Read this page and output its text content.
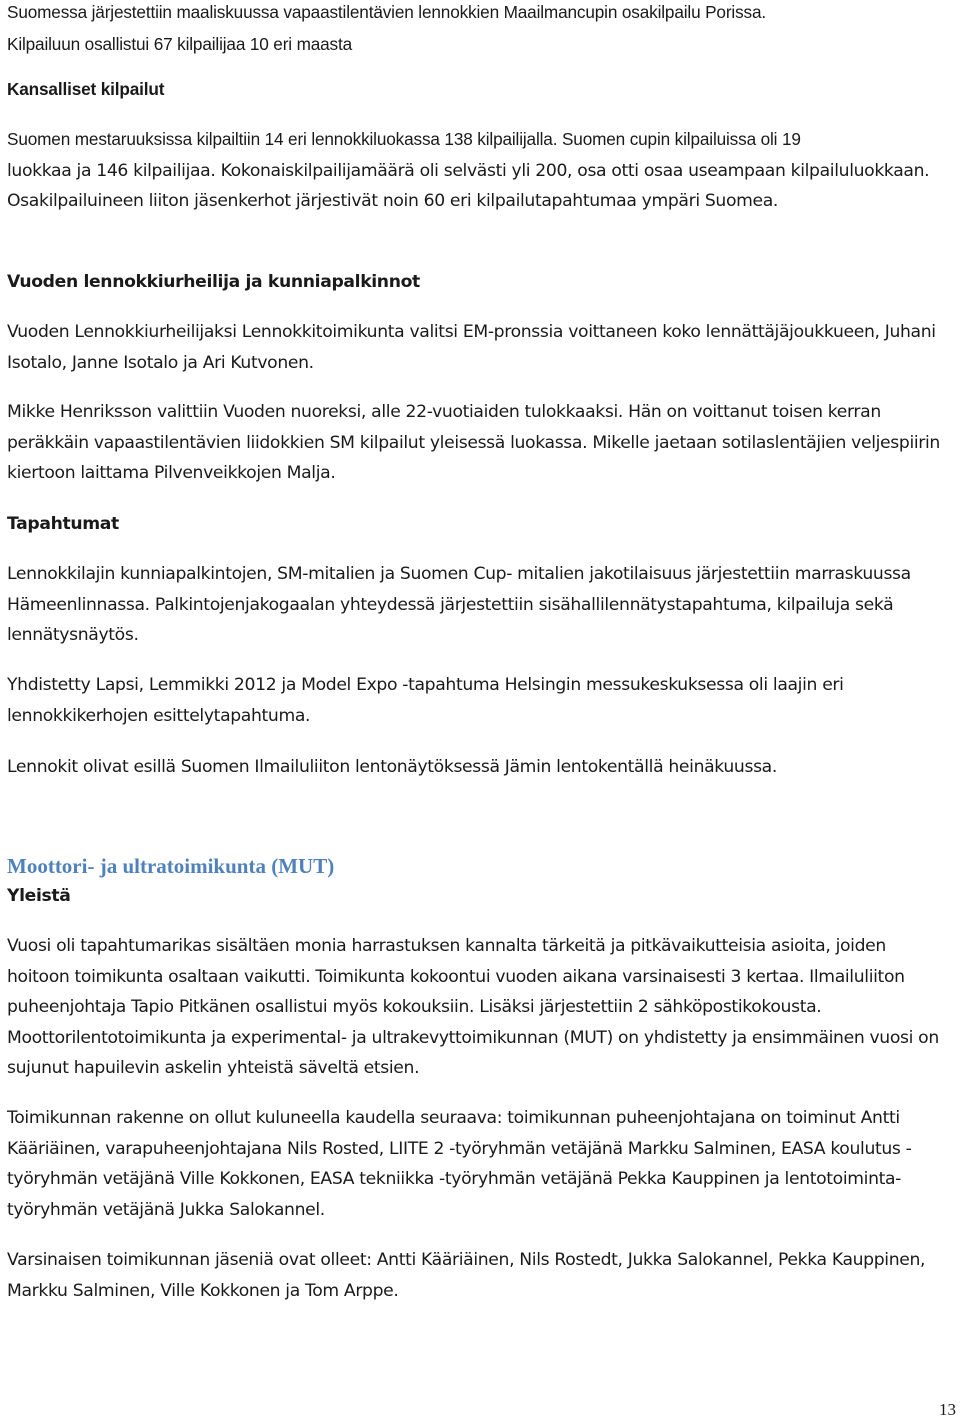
Suomessa järjestettiin maaliskuussa vapaastilentävien lennokkien Maailmancupin osakilpailu Porissa.
Kilpailuun osallistui 67 kilpailijaa 10 eri maasta

Kansalliset kilpailut

Suomen mestaruuksissa kilpailtiin 14 eri lennokkiluokassa 138 kilpailijalla. Suomen cupin kilpailuissa oli 19
luokkaa ja 146 kilpailijaa. Kokonaiskilpailijamäärä oli selvästi yli 200, osa otti osaa useampaan kilpailuluokkaan. Osakilpailuineen liiton jäsenkerhot järjestivät noin 60 eri kilpailutapahtumaa ympäri Suomea.

Vuoden lennokkiurheilija ja kunniapalkinnot

Vuoden Lennokkiurheilijaksi Lennokkitoimikunta valitsi EM-pronssia voittaneen koko lennättäjäjoukkueen, Juhani Isotalo, Janne Isotalo ja Ari Kutvonen.

Mikke Henriksson valittiin Vuoden nuoreksi, alle 22-vuotiaiden tulokkaaksi. Hän on voittanut toisen kerran peräkkäin vapaastilentävien liidokkien SM kilpailut yleisessä luokassa. Mikelle jaetaan sotilaslentäjien veljespiirin kiertoon laittama Pilvenveikkojen Malja.

Tapahtumat

Lennokkilajin kunniapalkintojen, SM-mitalien ja Suomen Cup- mitalien jakotilaisuus järjestettiin marraskuussa Hämeenlinnassa. Palkintojenjakogaalan yhteydessä järjestettiin sisähallilennätystapahtuma, kilpailuja sekä lennätysnäytös.

Yhdistetty Lapsi, Lemmikki 2012 ja Model Expo -tapahtuma Helsingin messukeskuksessa oli laajin eri lennokkikerhojen esittelytapahtuma.

Lennokit olivat esillä Suomen Ilmailuliiton lentonäytöksessä Jämin lentokentällä heinäkuussa.

Moottori- ja ultratoimikunta (MUT)

Yleistä

Vuosi oli tapahtumarikas sisältäen monia harrastuksen kannalta tärkeitä ja pitkävaikutteisia asioita, joiden hoitoon toimikunta osaltaan vaikutti. Toimikunta kokoontui vuoden aikana varsinaisesti 3 kertaa. Ilmailuliiton puheenjohtaja Tapio Pitkänen osallistui myös kokouksiin. Lisäksi järjestettiin 2 sähköpostikokousta. Moottorilentotoimikunta ja experimental- ja ultrakevyttoimikunnan (MUT) on yhdistetty ja ensimmäinen vuosi on sujunut hapuilevin askelin yhteistä säveltä etsien.

Toimikunnan rakenne on ollut kuluneella kaudella seuraava: toimikunnan puheenjohtajana on toiminut Antti Kääriäinen, varapuheenjohtajana Nils Rosted, LIITE 2 -työryhmän vetäjänä Markku Salminen, EASA koulutus -työryhmän vetäjänä Ville Kokkonen, EASA tekniikka -työryhmän vetäjänä Pekka Kauppinen ja lentotoiminta-työryhmän vetäjänä Jukka Salokannel.

Varsinaisen toimikunnan jäseniä ovat olleet: Antti Kääriäinen, Nils Rostedt, Jukka Salokannel, Pekka Kauppinen, Markku Salminen, Ville Kokkonen ja Tom Arppe.

13
